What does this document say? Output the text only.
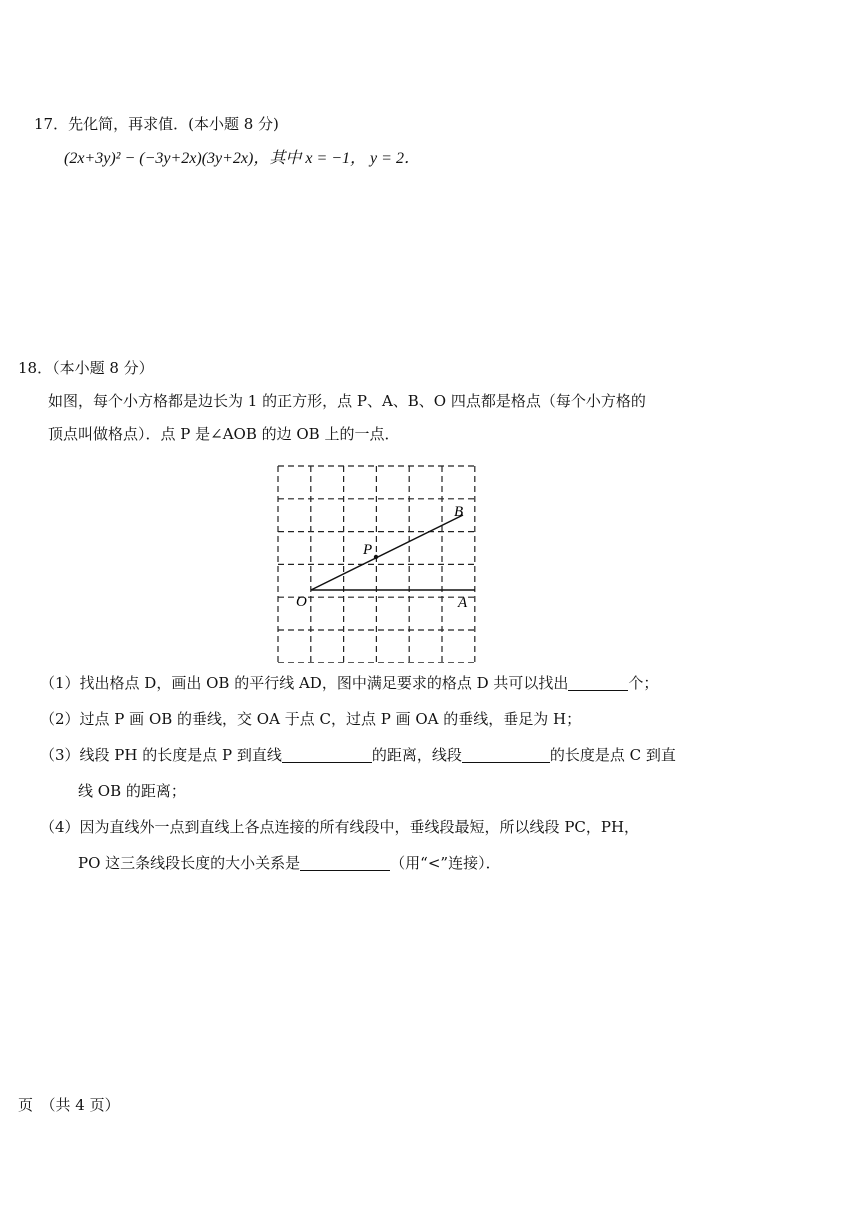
17．先化简，再求值．(本小题 8 分)
(2x+3y)² − (−3y+2x)(3y+2x)，其中 x = −1， y = 2．
18．（本小题 8 分）
如图，每个小方格都是边长为 1 的正方形，点 P、A、B、O 四点都是格点（每个小方格的
顶点叫做格点）．点 P 是∠AOB 的边 OB 上的一点．
O	A
B
P
（1）找出格点 D，画出 OB 的平行线 AD，图中满足要求的格点 D 共可以找出	个；
（2）过点 P 画 OB 的垂线，交 OA 于点 C，过点 P 画 OA 的垂线，垂足为 H；
（3）线段 PH 的长度是点 P 到直线	的距离，线段	的长度是点 C 到直
线 OB 的距离；
（4）因为直线外一点到直线上各点连接的所有线段中，垂线段最短，所以线段 PC，PH，
PO 这三条线段长度的大小关系是	（用“<”连接）．
页　（共 4 页）
